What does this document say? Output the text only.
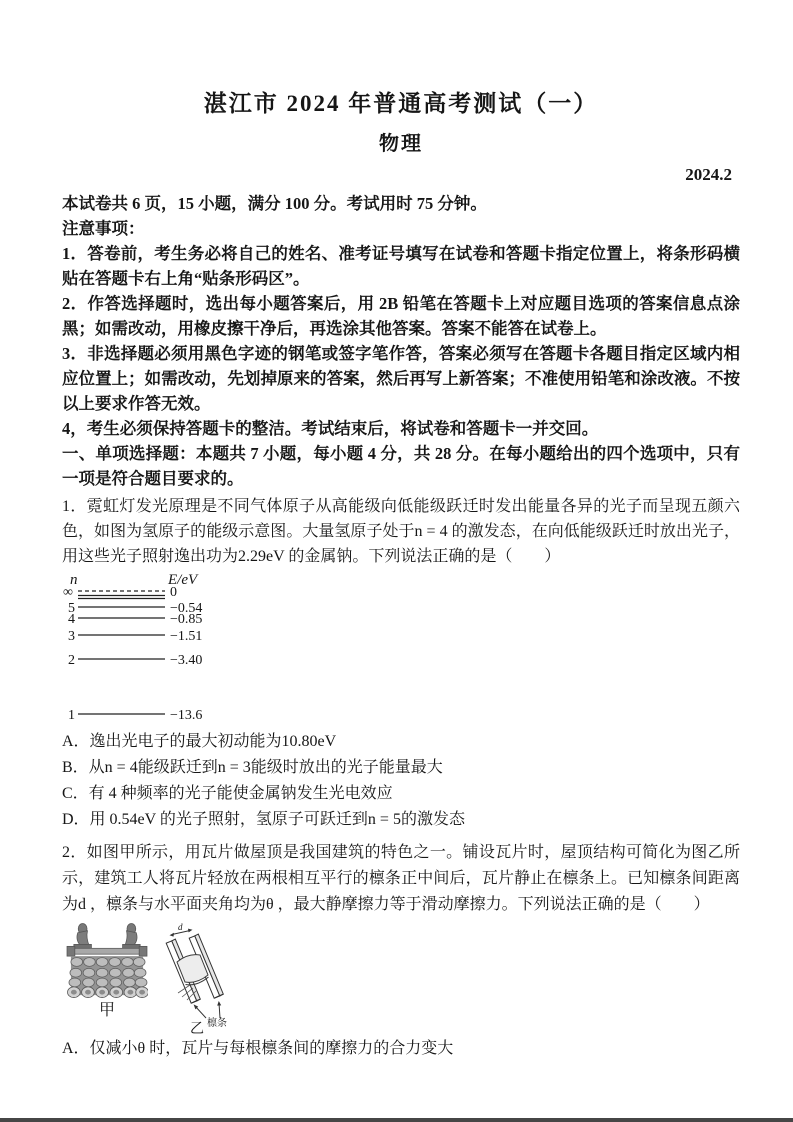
湛江市 2024 年普通高考测试（一）
物理
2024.2

本试卷共 6 页，15 小题，满分 100 分。考试用时 75 分钟。

注意事项：

1．答卷前，考生务必将自己的姓名、准考证号填写在试卷和答题卡指定位置上，将条形码横贴在答题卡右上角“贴条形码区”。

2．作答选择题时，选出每小题答案后，用 2B 铅笔在答题卡上对应题目选项的答案信息点涂黑；如需改动，用橡皮擦干净后，再选涂其他答案。答案不能答在试卷上。

3．非选择题必须用黑色字迹的钢笔或签字笔作答，答案必须写在答题卡各题目指定区域内相应位置上；如需改动，先划掉原来的答案，然后再写上新答案；不准使用铅笔和涂改液。不按以上要求作答无效。

4，考生必须保持答题卡的整洁。考试结束后，将试卷和答题卡一并交回。

一、单项选择题：本题共 7 小题，每小题 4 分，共 28 分。在每小题给出的四个选项中，只有一项是符合题目要求的。

1．霓虹灯发光原理是不同气体原子从高能级向低能级跃迁时发出能量各异的光子而呈现五颜六色，如图为氢原子的能级示意图。大量氢原子处于n = 4 的激发态，在向低能级跃迁时放出光子，用这些光子照射逸出功为2.29eV 的金属钠。下列说法正确的是（　　）

n	E/eV
∞	0
5	−0.54
4	−0.85
3	−1.51
2	−3.40
1	−13.6

A．逸出光电子的最大初动能为10.80eV

B．从n = 4能级跃迁到n = 3能级时放出的光子能量最大

C．有 4 种频率的光子能使金属钠发生光电效应

D．用 0.54eV 的光子照射，氢原子可跃迁到n = 5的激发态

2．如图甲所示，用瓦片做屋顶是我国建筑的特色之一。铺设瓦片时，屋顶结构可简化为图乙所示，建筑工人将瓦片轻放在两根相互平行的檩条正中间后，瓦片静止在檩条上。已知檩条间距离为d ，檩条与水平面夹角均为θ ，最大静摩擦力等于滑动摩擦力。下列说法正确的是（　　）

甲
d
檩条
乙

A．仅减小θ 时，瓦片与每根檩条间的摩擦力的合力变大
